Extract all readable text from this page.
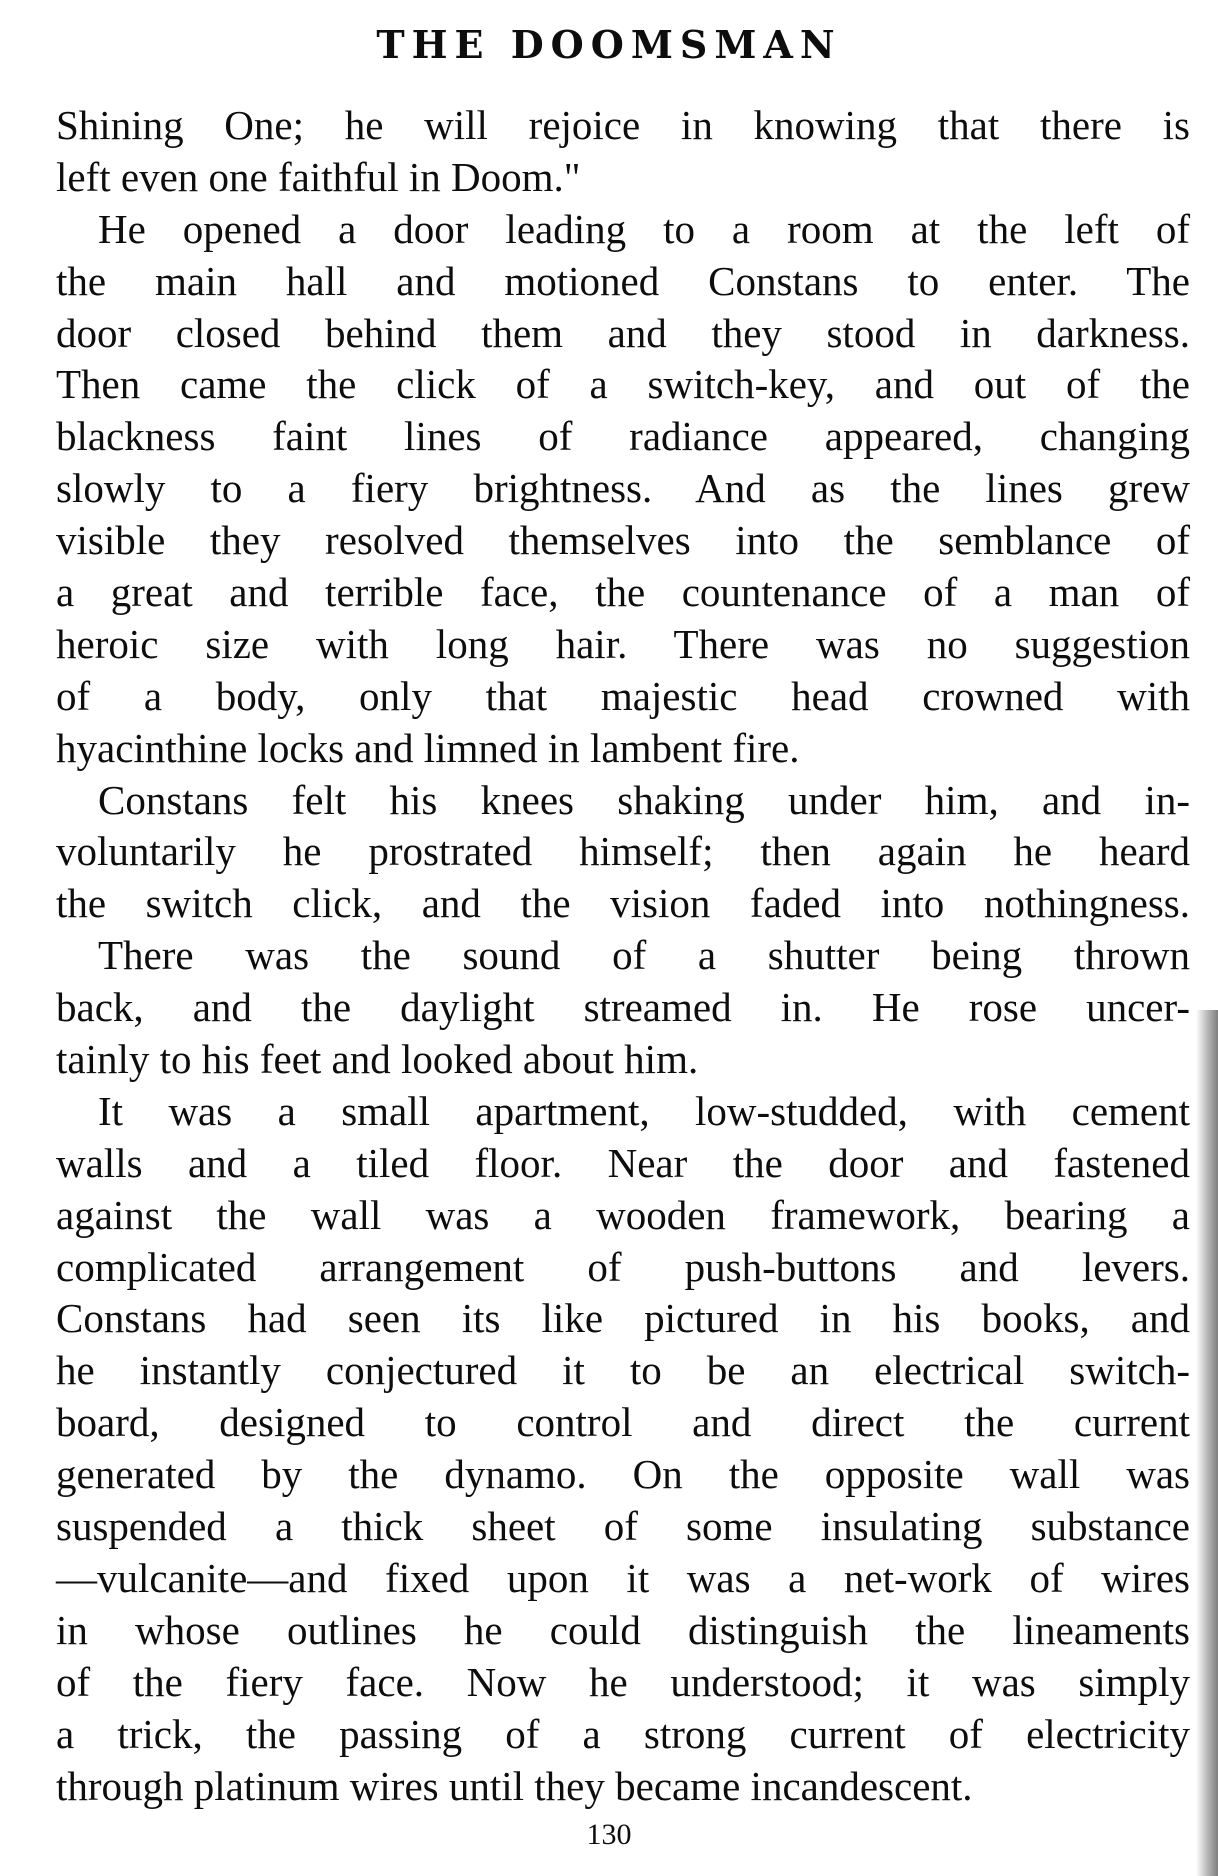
THE DOOMSMAN
Shining One; he will rejoice in knowing that there is
left even one faithful in Doom."
He opened a door leading to a room at the left of
the main hall and motioned Constans to enter. The
door closed behind them and they stood in darkness.
Then came the click of a switch-key, and out of the
blackness faint lines of radiance appeared, changing
slowly to a fiery brightness. And as the lines grew
visible they resolved themselves into the semblance of
a great and terrible face, the countenance of a man of
heroic size with long hair. There was no suggestion
of a body, only that majestic head crowned with
hyacinthine locks and limned in lambent fire.
Constans felt his knees shaking under him, and in-
voluntarily he prostrated himself; then again he heard
the switch click, and the vision faded into nothingness.
There was the sound of a shutter being thrown
back, and the daylight streamed in. He rose uncer-
tainly to his feet and looked about him.
It was a small apartment, low-studded, with cement
walls and a tiled floor. Near the door and fastened
against the wall was a wooden framework, bearing a
complicated arrangement of push-buttons and levers.
Constans had seen its like pictured in his books, and
he instantly conjectured it to be an electrical switch-
board, designed to control and direct the current
generated by the dynamo. On the opposite wall was
suspended a thick sheet of some insulating substance
—vulcanite—and fixed upon it was a net-work of wires
in whose outlines he could distinguish the lineaments
of the fiery face. Now he understood; it was simply
a trick, the passing of a strong current of electricity
through platinum wires until they became incandescent.
130
